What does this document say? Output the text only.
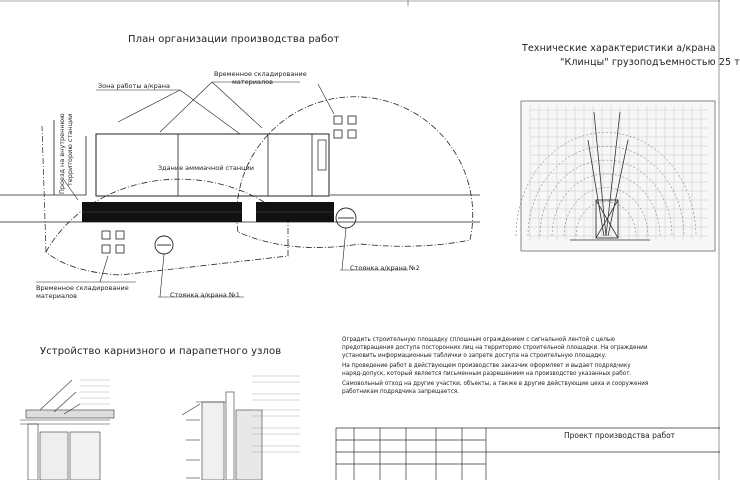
План организации производства работ
Временное складирование
материалов
Зона работы а/крана
Здание аммиачной станции
Проезд на внутреннюю территорию станции
Временное складирование
материалов	Стоянка а/крана №1
Стоянка а/крана №2
Технические характеристики а/крана
"Клинцы" грузоподъемностью 25 т
Устройство карнизного и парапетного узлов
Оградить строительную площадку сплошным ограждением с сигнальной лентой с целью
предотвращения доступа посторонних лиц на территорию строительной площадки. На ограждении
установить информационные таблички о запрете доступа на строительную площадку.
На проведение работ в действующем производстве заказчик оформляет и выдает подрядчику
наряд-допуск, который является письменным разрешением на производство указанных работ.
Самовольный отход на другие участки, объекты, а также в другие действующие цеха и сооружения
работникам подрядчика запрещается.
Проект производства работ
